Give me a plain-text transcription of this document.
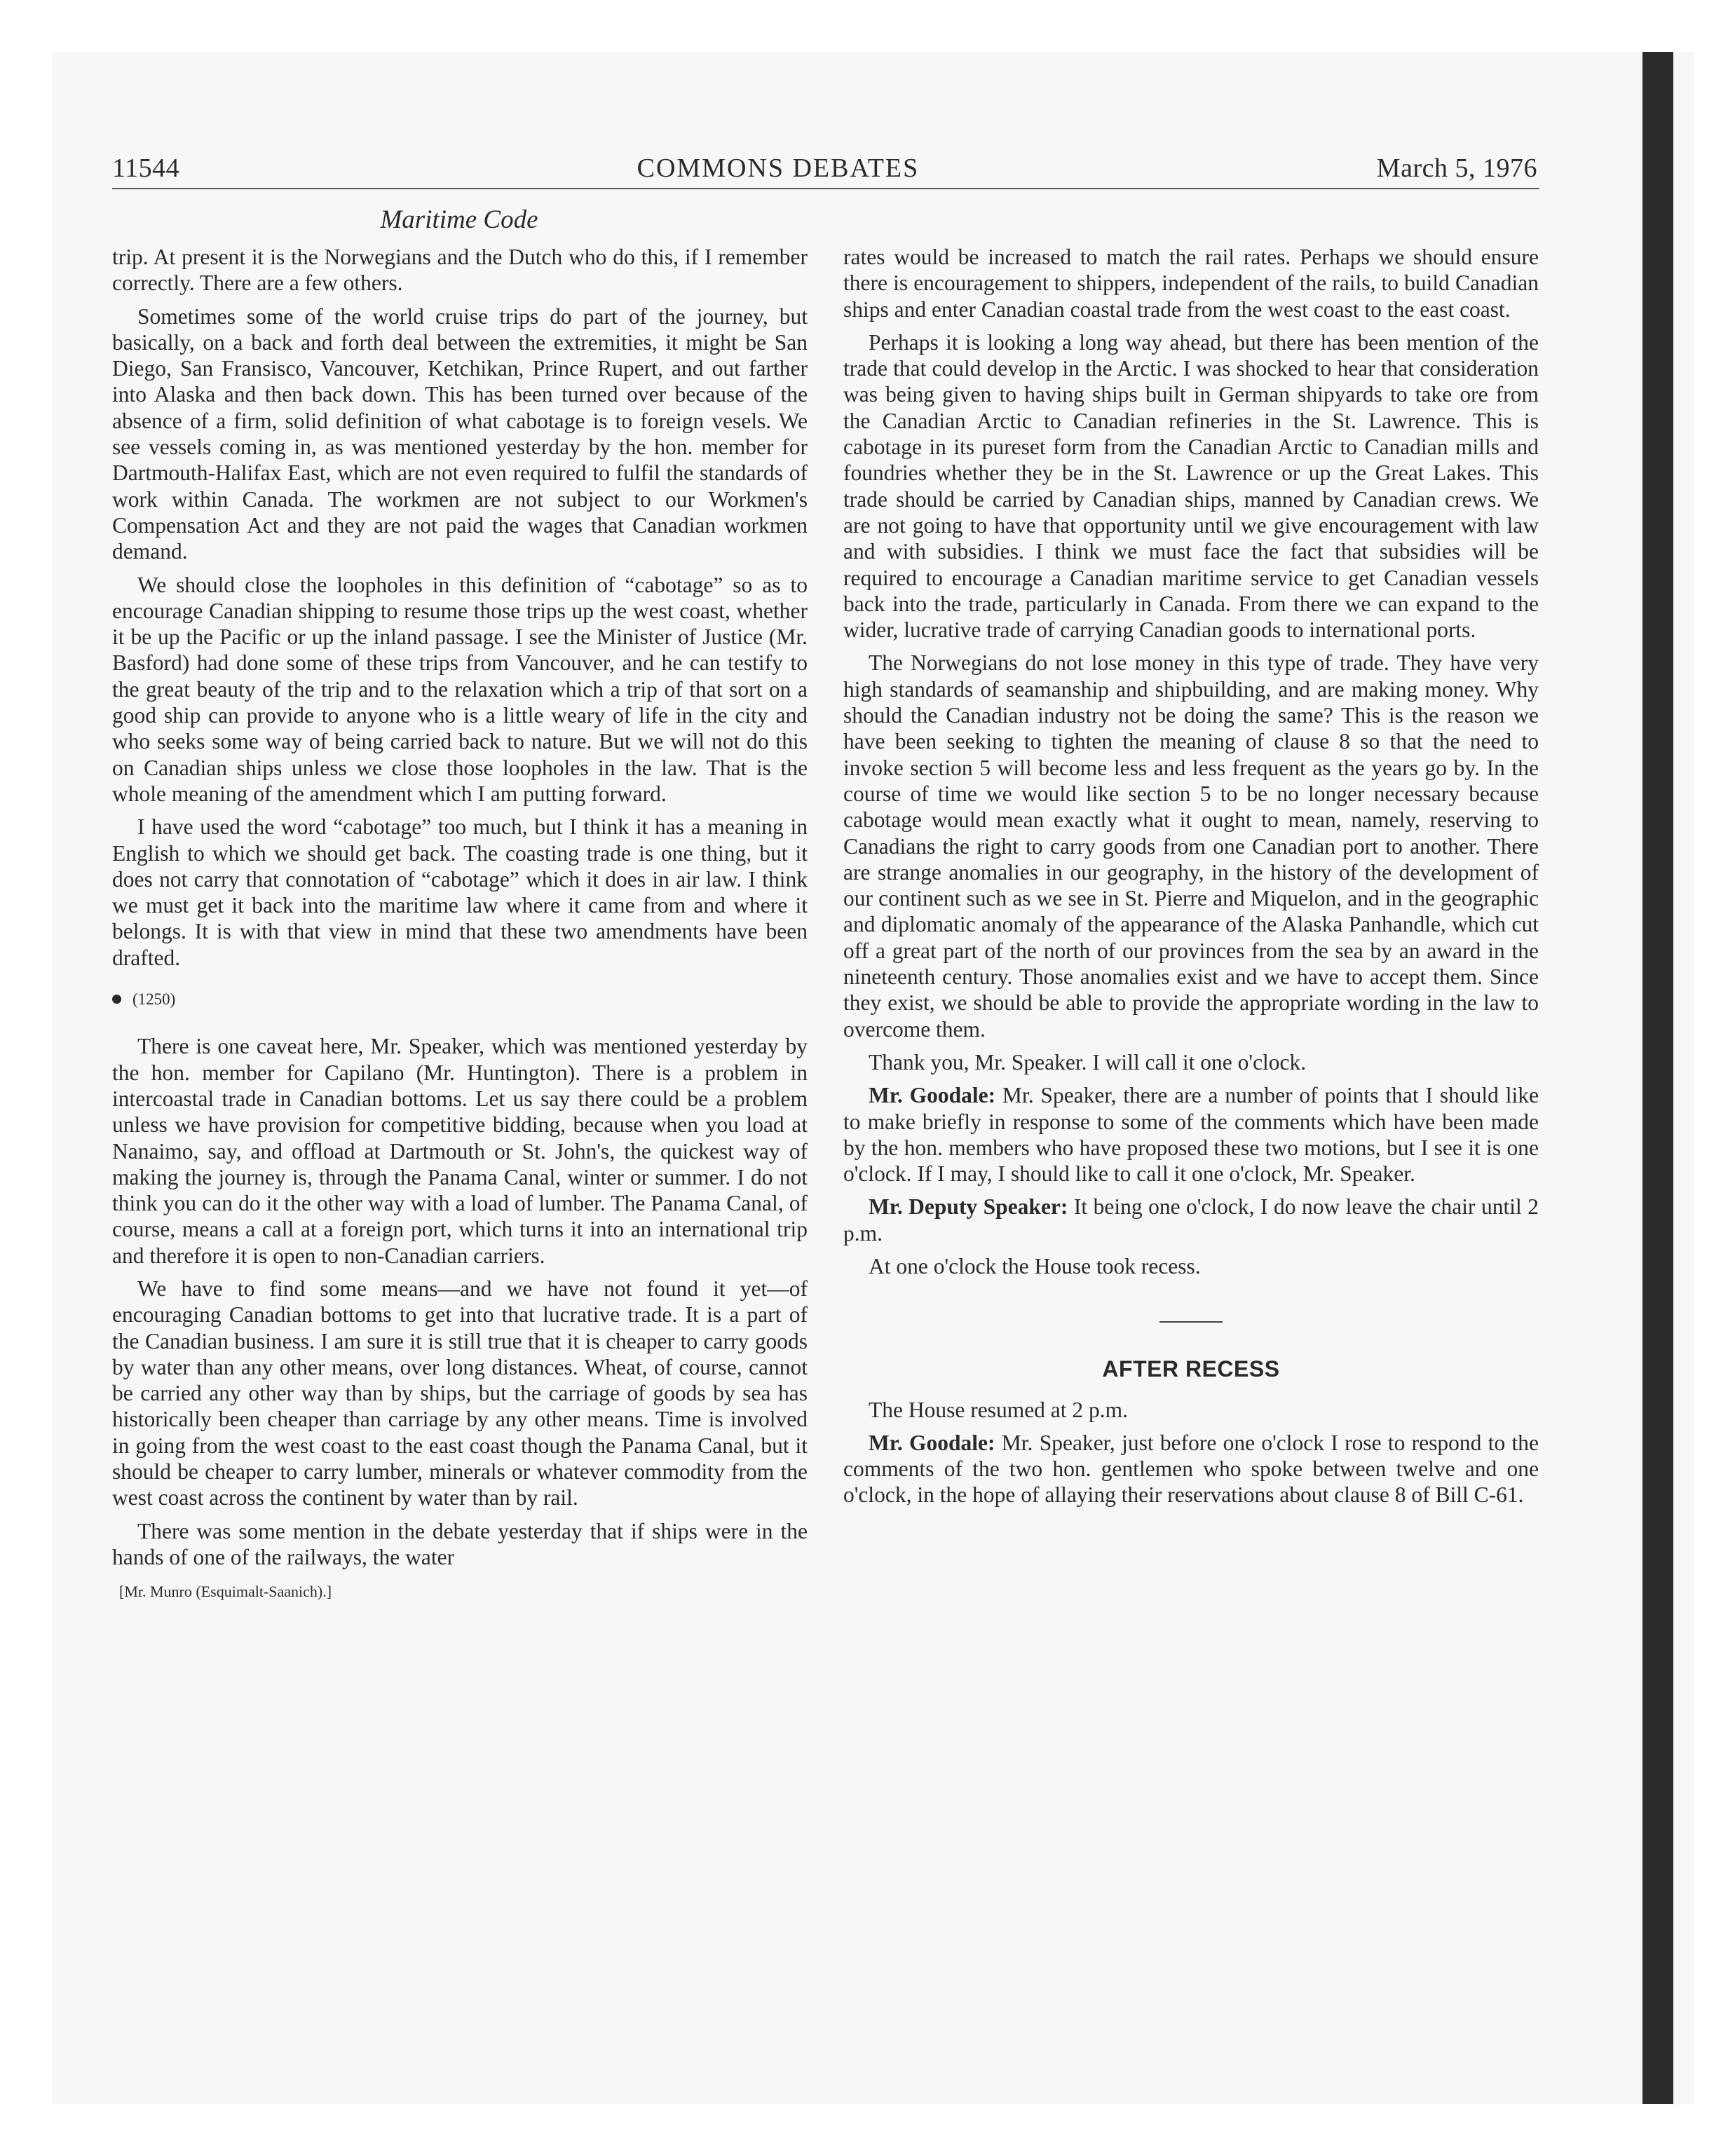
11544	COMMONS DEBATES	March 5, 1976
Maritime Code

trip. At present it is the Norwegians and the Dutch who do this, if I remember correctly. There are a few others.

Sometimes some of the world cruise trips do part of the journey, but basically, on a back and forth deal between the extremities, it might be San Diego, San Fransisco, Vancouver, Ketchikan, Prince Rupert, and out farther into Alaska and then back down. This has been turned over because of the absence of a firm, solid definition of what cabotage is to foreign vesels. We see vessels coming in, as was mentioned yesterday by the hon. member for Dartmouth-Halifax East, which are not even required to fulfil the standards of work within Canada. The workmen are not subject to our Workmen's Compensation Act and they are not paid the wages that Canadian workmen demand.

We should close the loopholes in this definition of “cabotage” so as to encourage Canadian shipping to resume those trips up the west coast, whether it be up the Pacific or up the inland passage. I see the Minister of Justice (Mr. Basford) had done some of these trips from Vancouver, and he can testify to the great beauty of the trip and to the relaxation which a trip of that sort on a good ship can provide to anyone who is a little weary of life in the city and who seeks some way of being carried back to nature. But we will not do this on Canadian ships unless we close those loopholes in the law. That is the whole meaning of the amendment which I am putting forward.

I have used the word “cabotage” too much, but I think it has a meaning in English to which we should get back. The coasting trade is one thing, but it does not carry that connotation of “cabotage” which it does in air law. I think we must get it back into the maritime law where it came from and where it belongs. It is with that view in mind that these two amendments have been drafted.

(1250)

There is one caveat here, Mr. Speaker, which was mentioned yesterday by the hon. member for Capilano (Mr. Huntington). There is a problem in intercoastal trade in Canadian bottoms. Let us say there could be a problem unless we have provision for competitive bidding, because when you load at Nanaimo, say, and offload at Dartmouth or St. John's, the quickest way of making the journey is, through the Panama Canal, winter or summer. I do not think you can do it the other way with a load of lumber. The Panama Canal, of course, means a call at a foreign port, which turns it into an international trip and therefore it is open to non-Canadian carriers.

We have to find some means—and we have not found it yet—of encouraging Canadian bottoms to get into that lucrative trade. It is a part of the Canadian business. I am sure it is still true that it is cheaper to carry goods by water than any other means, over long distances. Wheat, of course, cannot be carried any other way than by ships, but the carriage of goods by sea has historically been cheaper than carriage by any other means. Time is involved in going from the west coast to the east coast though the Panama Canal, but it should be cheaper to carry lumber, minerals or whatever commodity from the west coast across the continent by water than by rail.

There was some mention in the debate yesterday that if ships were in the hands of one of the railways, the water

[Mr. Munro (Esquimalt-Saanich).]

rates would be increased to match the rail rates. Perhaps we should ensure there is encouragement to shippers, independent of the rails, to build Canadian ships and enter Canadian coastal trade from the west coast to the east coast.

Perhaps it is looking a long way ahead, but there has been mention of the trade that could develop in the Arctic. I was shocked to hear that consideration was being given to having ships built in German shipyards to take ore from the Canadian Arctic to Canadian refineries in the St. Lawrence. This is cabotage in its pureset form from the Canadian Arctic to Canadian mills and foundries whether they be in the St. Lawrence or up the Great Lakes. This trade should be carried by Canadian ships, manned by Canadian crews. We are not going to have that opportunity until we give encouragement with law and with subsidies. I think we must face the fact that subsidies will be required to encourage a Canadian maritime service to get Canadian vessels back into the trade, particularly in Canada. From there we can expand to the wider, lucrative trade of carrying Canadian goods to international ports.

The Norwegians do not lose money in this type of trade. They have very high standards of seamanship and shipbuilding, and are making money. Why should the Canadian industry not be doing the same? This is the reason we have been seeking to tighten the meaning of clause 8 so that the need to invoke section 5 will become less and less frequent as the years go by. In the course of time we would like section 5 to be no longer necessary because cabotage would mean exactly what it ought to mean, namely, reserving to Canadians the right to carry goods from one Canadian port to another. There are strange anomalies in our geography, in the history of the development of our continent such as we see in St. Pierre and Miquelon, and in the geographic and diplomatic anomaly of the appearance of the Alaska Panhandle, which cut off a great part of the north of our provinces from the sea by an award in the nineteenth century. Those anomalies exist and we have to accept them. Since they exist, we should be able to provide the appropriate wording in the law to overcome them.

Thank you, Mr. Speaker. I will call it one o'clock.

Mr. Goodale: Mr. Speaker, there are a number of points that I should like to make briefly in response to some of the comments which have been made by the hon. members who have proposed these two motions, but I see it is one o'clock. If I may, I should like to call it one o'clock, Mr. Speaker.

Mr. Deputy Speaker: It being one o'clock, I do now leave the chair until 2 p.m.

At one o'clock the House took recess.

AFTER RECESS

The House resumed at 2 p.m.

Mr. Goodale: Mr. Speaker, just before one o'clock I rose to respond to the comments of the two hon. gentlemen who spoke between twelve and one o'clock, in the hope of allaying their reservations about clause 8 of Bill C-61.
